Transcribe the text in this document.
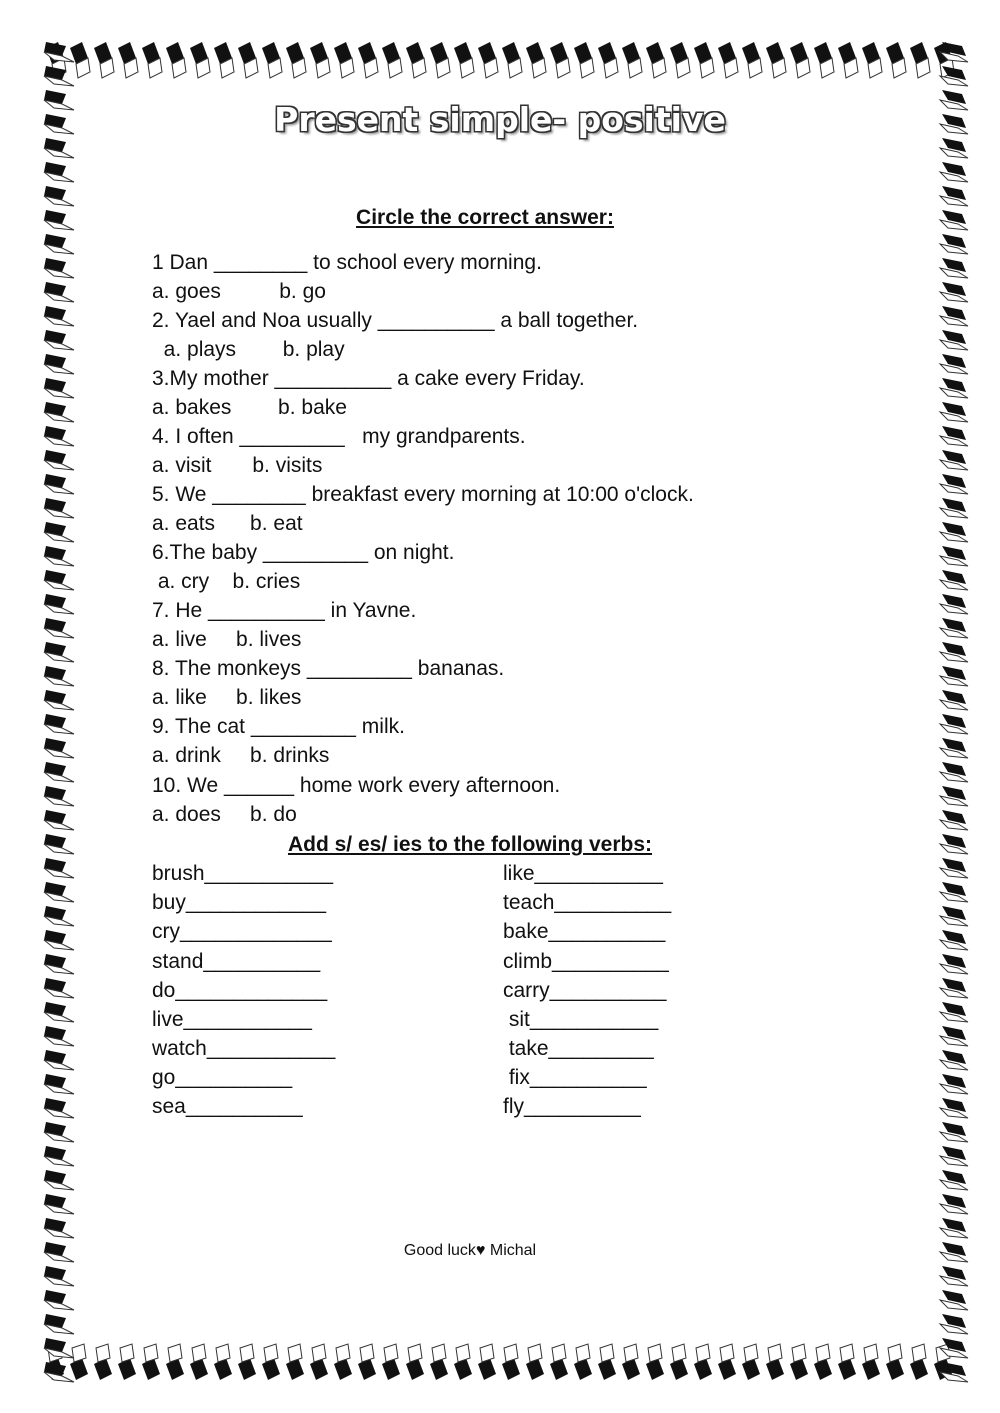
Present simple- positive
Circle the correct answer:
1 Dan ________ to school every morning.
a. goes          b. go
2. Yael and Noa usually __________ a ball together.
a. plays        b. play
3.My mother __________ a cake every Friday.
a. bakes        b. bake
4. I often _________   my grandparents.
a. visit       b. visits
5. We ________ breakfast every morning at 10:00 o'clock.
a. eats      b. eat
6.The baby _________ on night.
a. cry    b. cries
7. He __________ in Yavne.
a. live     b. lives
8. The monkeys _________ bananas.
a. like     b. likes
9. The cat _________ milk.
a. drink     b. drinks
10. We ______ home work every afternoon.
a. does     b. do
Add s/ es/ ies to the following verbs:
brush___________
buy____________
cry_____________
stand__________
do_____________
live___________
watch___________
go__________
sea__________
like___________
teach__________
bake__________
climb__________
carry__________
sit___________
take_________
fix__________
fly__________
Good luck♥ Michal
